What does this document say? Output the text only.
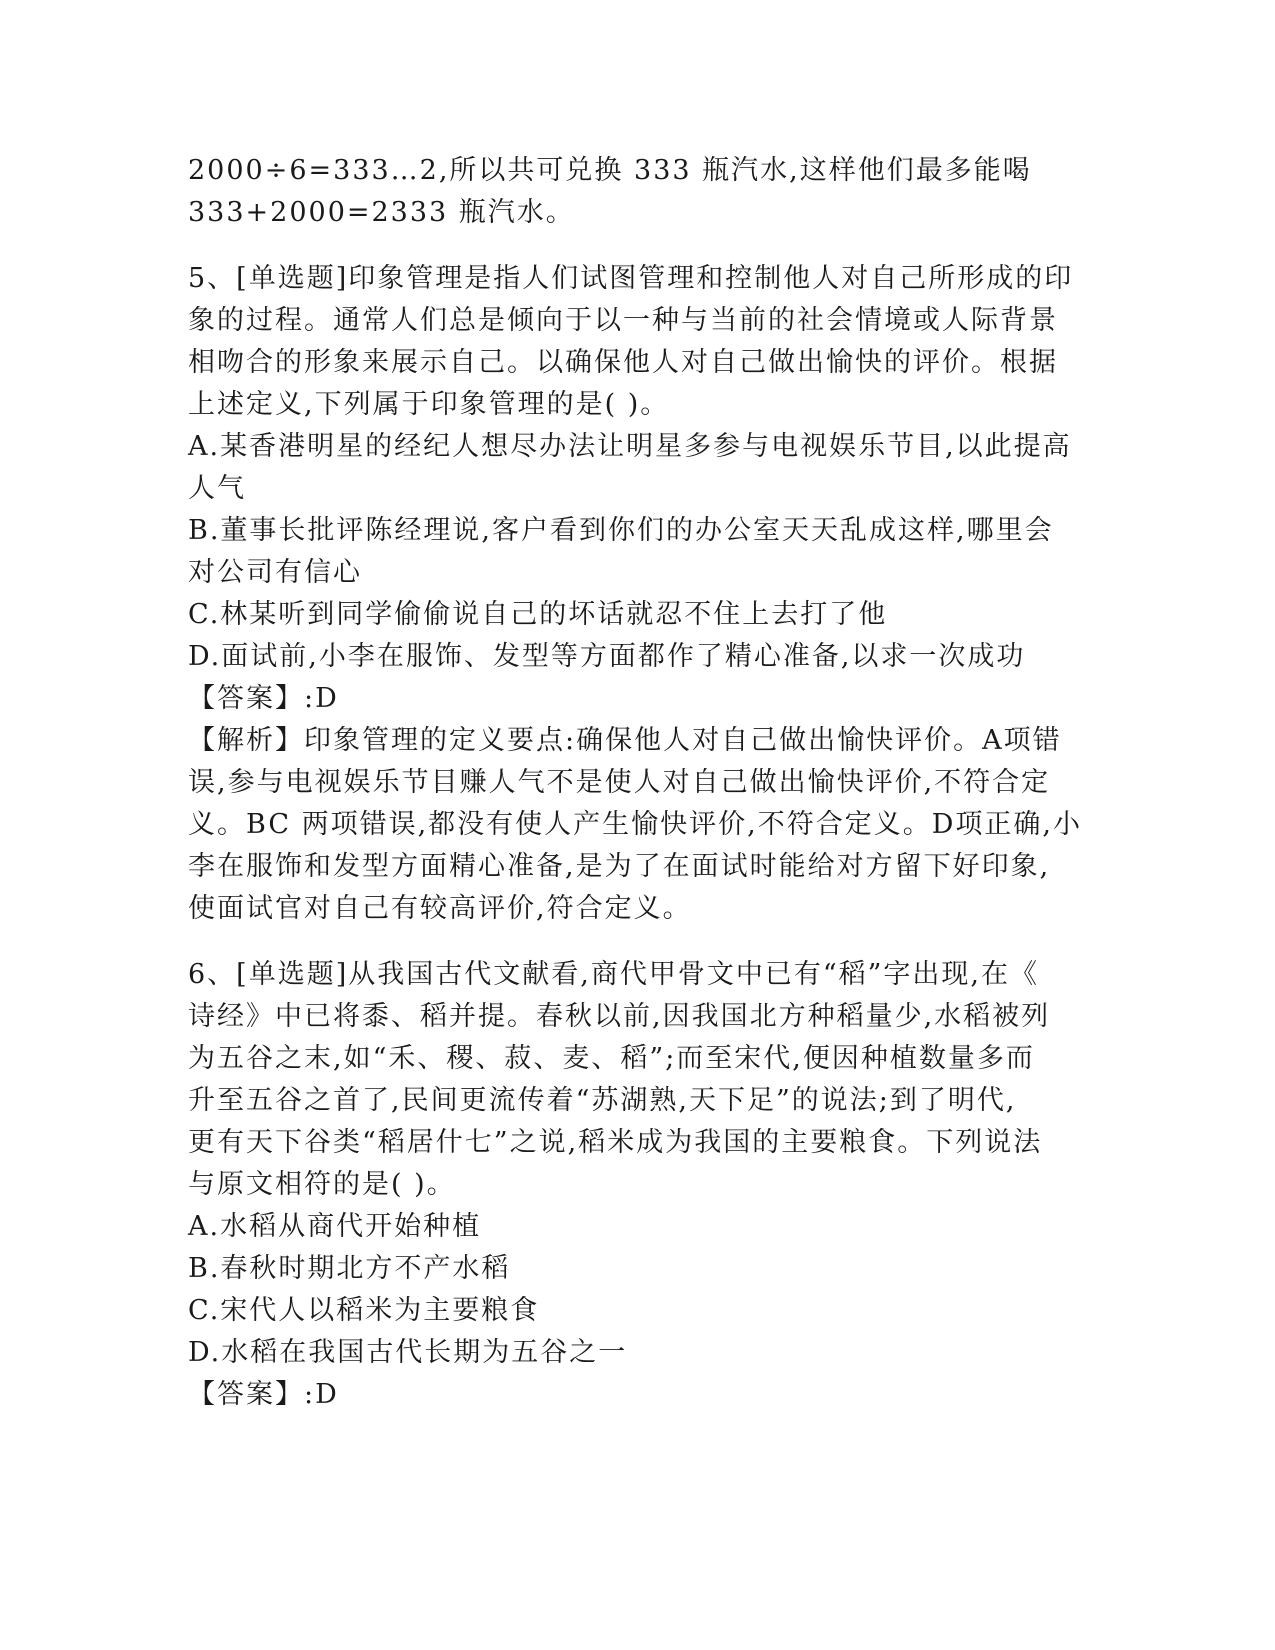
2000÷6=333…2,所以共可兑换 333 瓶汽水,这样他们最多能喝
333+2000=2333 瓶汽水。
5、[单选题]印象管理是指人们试图管理和控制他人对自己所形成的印
象的过程。通常人们总是倾向于以一种与当前的社会情境或人际背景
相吻合的形象来展示自己。以确保他人对自己做出愉快的评价。根据
上述定义,下列属于印象管理的是( )。
A.某香港明星的经纪人想尽办法让明星多参与电视娱乐节目,以此提高
人气
B.董事长批评陈经理说,客户看到你们的办公室天天乱成这样,哪里会
对公司有信心
C.林某听到同学偷偷说自己的坏话就忍不住上去打了他
D.面试前,小李在服饰、发型等方面都作了精心准备,以求一次成功
【答案】:D
【解析】印象管理的定义要点:确保他人对自己做出愉快评价。A项错
误,参与电视娱乐节目赚人气不是使人对自己做出愉快评价,不符合定
义。BC 两项错误,都没有使人产生愉快评价,不符合定义。D项正确,小
李在服饰和发型方面精心准备,是为了在面试时能给对方留下好印象,
使面试官对自己有较高评价,符合定义。
6、[单选题]从我国古代文献看,商代甲骨文中已有“稻”字出现,在《
诗经》中已将黍、稻并提。春秋以前,因我国北方种稻量少,水稻被列
为五谷之末,如“禾、稷、菽、麦、稻”;而至宋代,便因种植数量多而
升至五谷之首了,民间更流传着“苏湖熟,天下足”的说法;到了明代,
更有天下谷类“稻居什七”之说,稻米成为我国的主要粮食。下列说法
与原文相符的是( )。
A.水稻从商代开始种植
B.春秋时期北方不产水稻
C.宋代人以稻米为主要粮食
D.水稻在我国古代长期为五谷之一
【答案】:D
